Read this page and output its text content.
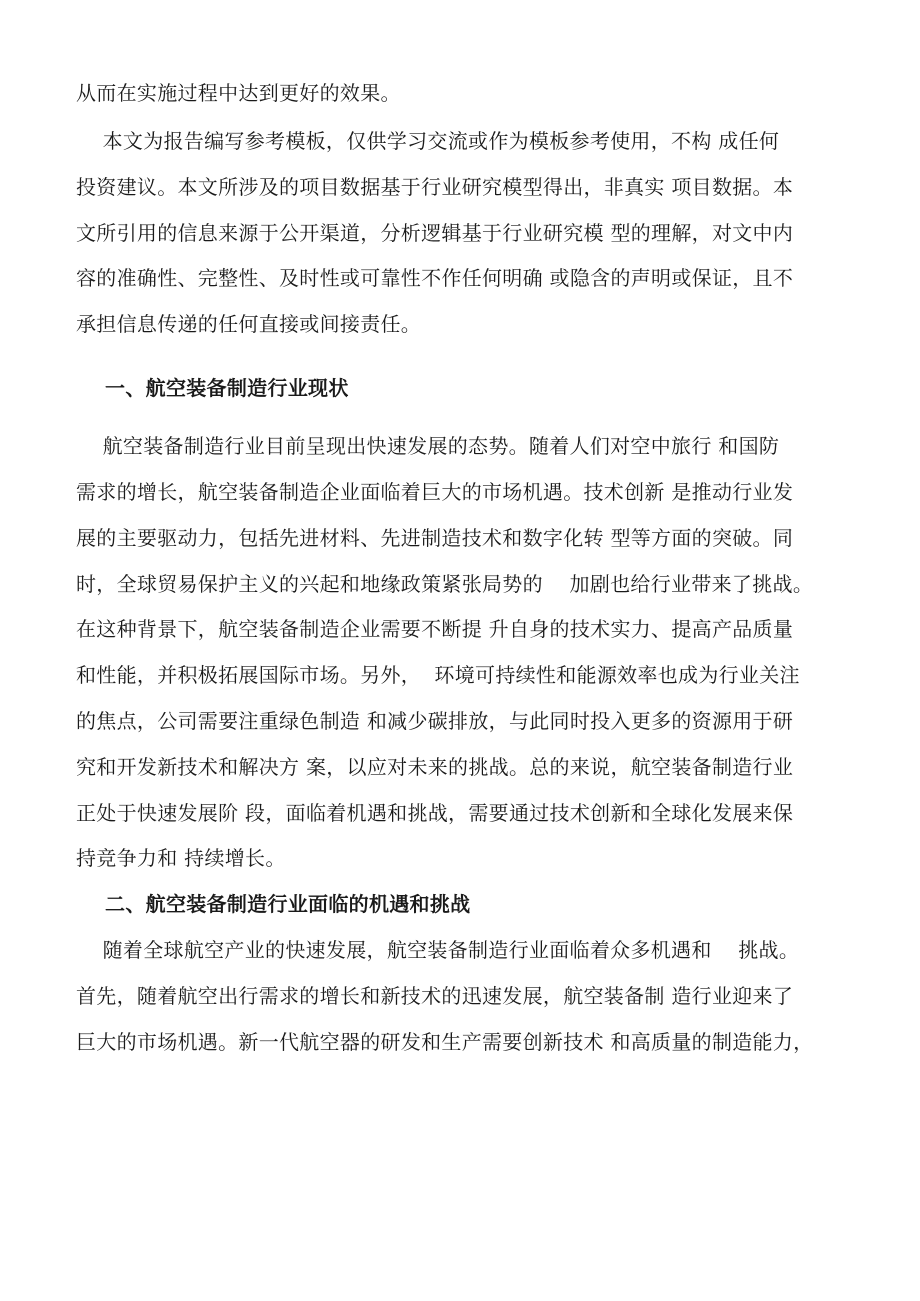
从而在实施过程中达到更好的效果。
本文为报告编写参考模板，仅供学习交流或作为模板参考使用，不构 成任何
投资建议。本文所涉及的项目数据基于行业研究模型得出，非真实 项目数据。本
文所引用的信息来源于公开渠道，分析逻辑基于行业研究模 型的理解，对文中内
容的准确性、完整性、及时性或可靠性不作任何明确 或隐含的声明或保证，且不
承担信息传递的任何直接或间接责任。
一、航空装备制造行业现状
航空装备制造行业目前呈现出快速发展的态势。随着人们对空中旅行 和国防
需求的增长，航空装备制造企业面临着巨大的市场机遇。技术创新 是推动行业发
展的主要驱动力，包括先进材料、先进制造技术和数字化转 型等方面的突破。同
时，全球贸易保护主义的兴起和地缘政策紧张局势的    加剧也给行业带来了挑战。
在这种背景下，航空装备制造企业需要不断提 升自身的技术实力、提高产品质量
和性能，并积极拓展国际市场。另外，  环境可持续性和能源效率也成为行业关注
的焦点，公司需要注重绿色制造 和减少碳排放，与此同时投入更多的资源用于研
究和开发新技术和解决方 案，以应对未来的挑战。总的来说，航空装备制造行业
正处于快速发展阶 段，面临着机遇和挑战，需要通过技术创新和全球化发展来保
持竞争力和 持续增长。
二、航空装备制造行业面临的机遇和挑战
随着全球航空产业的快速发展，航空装备制造行业面临着众多机遇和    挑战。
首先，随着航空出行需求的增长和新技术的迅速发展，航空装备制 造行业迎来了
巨大的市场机遇。新一代航空器的研发和生产需要创新技术 和高质量的制造能力，
